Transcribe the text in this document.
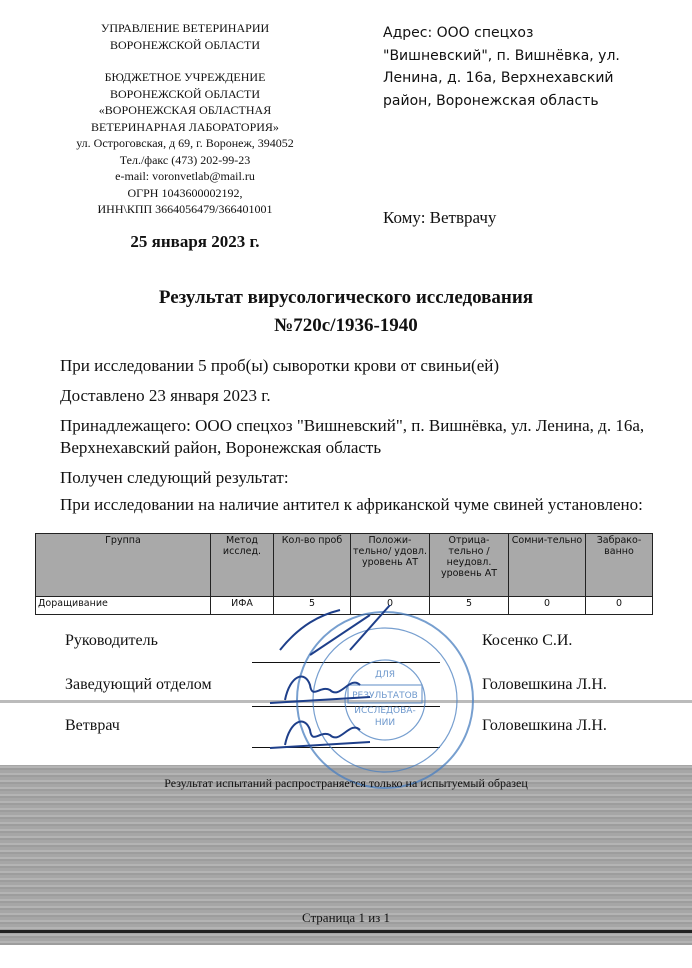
УПРАВЛЕНИЕ ВЕТЕРИНАРИИ
ВОРОНЕЖСКОЙ ОБЛАСТИ
БЮДЖЕТНОЕ УЧРЕЖДЕНИЕ
ВОРОНЕЖСКОЙ ОБЛАСТИ
«ВОРОНЕЖСКАЯ ОБЛАСТНАЯ
ВЕТЕРИНАРНАЯ ЛАБОРАТОРИЯ»
ул. Остроговская, д 69, г. Воронеж, 394052
Тел./факс (473) 202-99-23
e-mail: voronvetlab@mail.ru
ОГРН 1043600002192,
ИНН\КПП 3664056479/366401001
Адрес: ООО спецхоз
"Вишневский", п. Вишнёвка, ул.
Ленина, д. 16а, Верхнехавский
район, Воронежская область
Кому: Ветврачу
25 января 2023 г.
Результат вирусологического исследования
№720с/1936-1940

При исследовании 5 проб(ы) сыворотки крови от свиньи(ей)

Доставлено 23 января 2023 г.

Принадлежащего: ООО спецхоз "Вишневский", п. Вишнёвка, ул. Ленина, д. 16а, Верхнехавский район, Воронежская область

Получен следующий результат:

При исследовании на наличие антител к африканской чуме свиней установлено:

Группа	Метод исслед.	Кол-во проб	Положи-тельно/ удовл. уровень АТ	Отрица-тельно / неудовл. уровень АТ	Сомни-тельно	Забрако-ванно
Доращивание	ИФА	5	0	5	0	0
Руководитель	Косенко С.И.
Заведующий отделом	Головешкина Л.Н.
Ветврач	Головешкина Л.Н.
ДЛЯ
РЕЗУЛЬТАТОВ
ИССЛЕДОВА-
НИИ
Результат испытаний распространяется только на испытуемый образец
Страница 1 из 1
